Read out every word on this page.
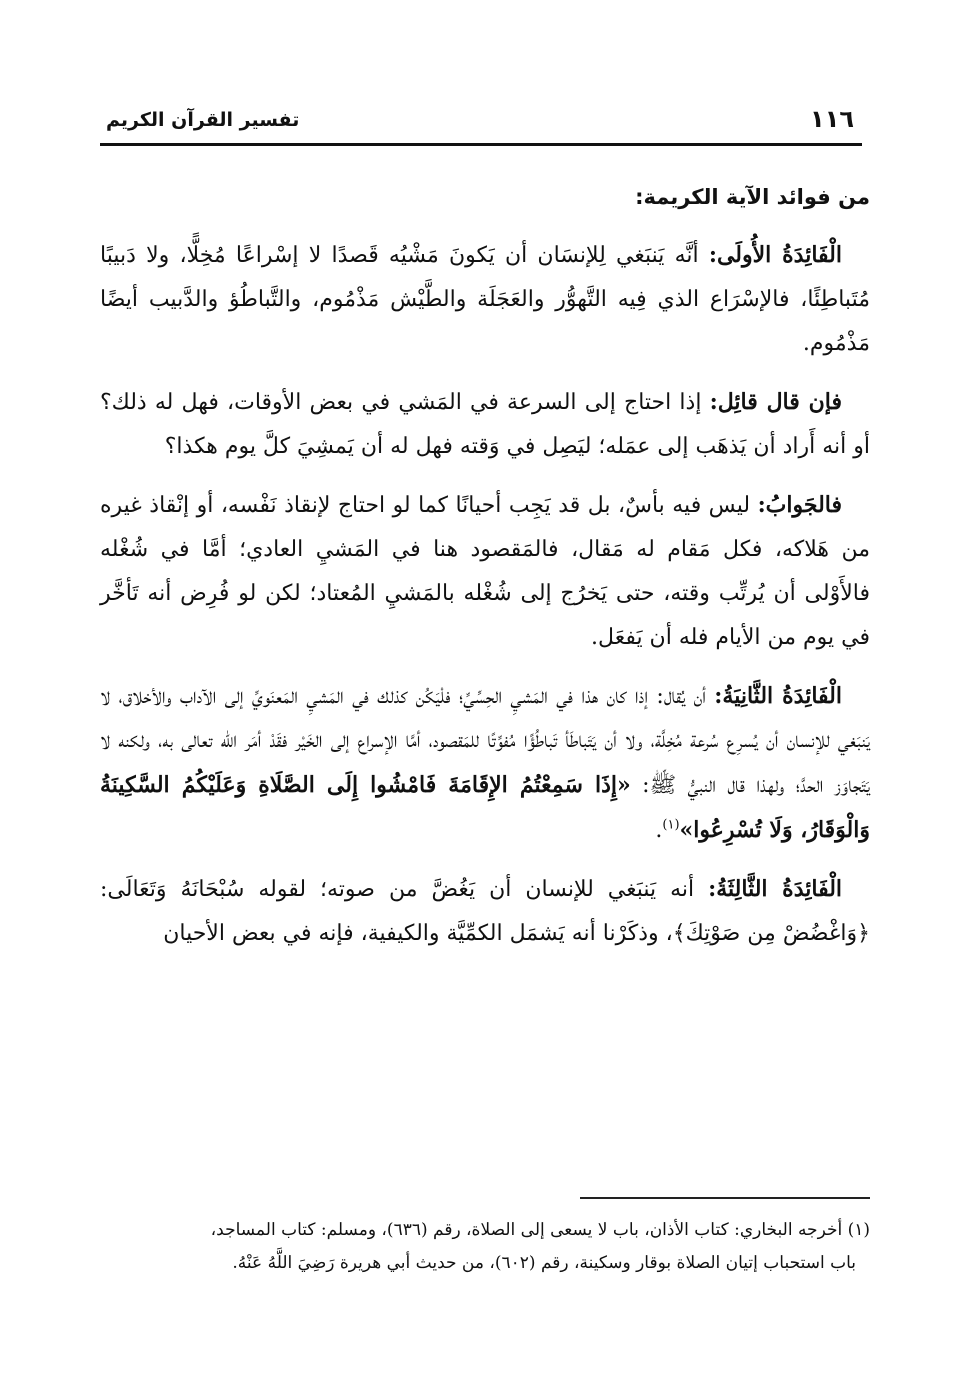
١١٦
تفسير القرآن الكريم

من فوائد الآية الكريمة:

الْفَائِدَةُ الأُولَى: أنَّه يَنبَغي لِلإنسَان أن يَكونَ مَشْيُه قَصدًا لا إسْراعًا مُخِلًّا، ولا دَبيبًا مُتَباطِئًا، فالإسْرَاع الذي فِيه التَّهوُّر والعَجَلَة والطَّيْش مَذْمُوم، والتَّباطُؤ والدَّبيب أيضًا مَذْمُوم.

فإن قال قائِل: إذا احتاج إلى السرعة في المَشي في بعض الأوقات، فهل له ذلك؟ أو أنه أَراد أن يَذهَب إلى عمَله؛ ليَصِل في وَقته فهل له أن يَمشِيَ كلَّ يوم هكذا؟

فالجَوابُ: ليس فيه بأسٌ، بل قد يَجِب أحيانًا كما لو احتاج لإنقاذ نَفْسه، أو إنْقاذ غيره من هَلاكه، فكل مَقام له مَقال، فالمَقصود هنا في المَشيِ العادي؛ أمَّا في شُغْله فالأَوْلى أن يُرتِّب وقته، حتى يَخرُج إلى شُغْله بالمَشيِ المُعتاد؛ لكن لو فُرِض أنه تَأخَّر في يوم من الأيام فله أن يَفعَل.

الْفَائِدَةُ الثَّانِيَةُ: أن يُقال: إذا كان هذا في المَشيِ الحِسِّيِّ؛ فلْيَكُن كذلك في المَشيِ المَعنَويِّ إلى الآداب والأخلاق، لا يَنبَغي للإنسان أن يُسرِع سُرعة مُخِلَّة، ولا أن يَتَباطَأ تَباطُؤًا مُفوِّتًا للمَقصود، أمَّا الإسراع إلى الخَيْر فقَدْ أمَر الله تعالى به، ولكنه لا يَتَجاوَز الحدَّ؛ ولهذا قال النبيُّ ﷺ: «إِذَا سَمِعْتُمُ الإِقَامَةَ فَامْشُوا إِلَى الصَّلَاةِ وَعَلَيْكُمُ السَّكِينَةُ وَالْوَقَارُ، وَلَا تُسْرِعُوا»$^{(١)}$.

الْفَائِدَةُ الثَّالِثَةُ: أنه يَنبَغي للإنسان أن يَغُضَّ من صوته؛ لقوله سُبْحَانَهُ وَتَعَالَى: ﴿وَاغْضُضْ مِن صَوْتِكَ﴾، وذكَرْنا أنه يَشمَل الكمِّيَّة والكيفية، فإنه في بعض الأحيان

(١) أخرجه البخاري: كتاب الأذان، باب لا يسعى إلى الصلاة، رقم (٦٣٦)، ومسلم: كتاب المساجد،

باب استحباب إتيان الصلاة بوقار وسكينة، رقم (٦٠٢)، من حديث أبي هريرة رَضِيَ اللَّهُ عَنْهُ.
